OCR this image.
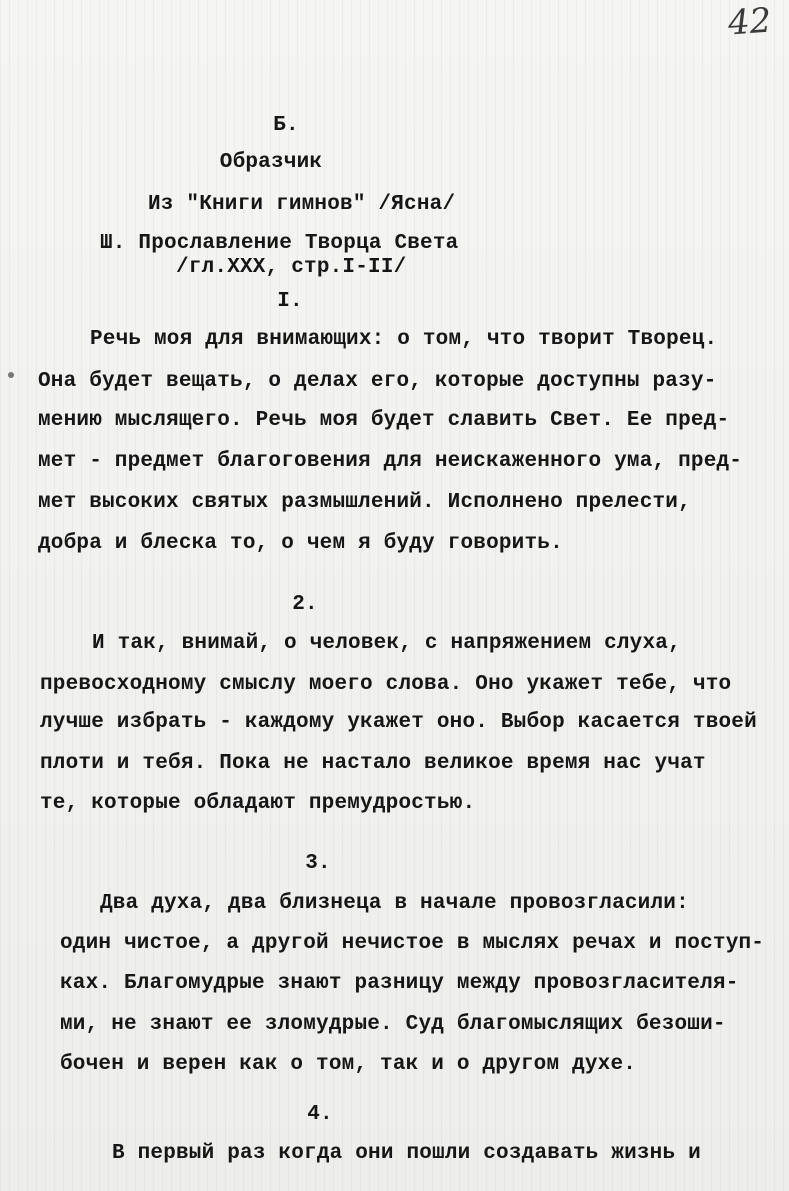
42
Б.
Образчик
Из "Книги гимнов" /Ясна/
Ш. Прославление Творца Света
/гл.XXX, стр.I-II/
I.
Речь моя для внимающих: о том, что творит Творец.
Она будет вещать, о делах его, которые доступны разу-
мению мыслящего. Речь моя будет славить Свет. Ее пред-
мет - предмет благоговения для неискаженного ума, пред-
мет высоких святых размышлений. Исполнено прелести,
добра и блеска то, о чем я буду говорить.
2.
И так, внимай, о человек, с напряжением слуха,
превосходному смыслу моего слова. Оно укажет тебе, что
лучше избрать - каждому укажет оно. Выбор касается твоей
плоти и тебя. Пока не настало великое время нас учат
те, которые обладают премудростью.
3.
Два духа, два близнеца в начале провозгласили:
один чистое, а другой нечистое в мыслях речах и поступ-
ках. Благомудрые знают разницу между провозгласителя-
ми, не знают ее зломудрые. Суд благомыслящих безоши-
бочен и верен как о том, так и о другом духе.
4.
В первый раз когда они пошли создавать жизнь и
